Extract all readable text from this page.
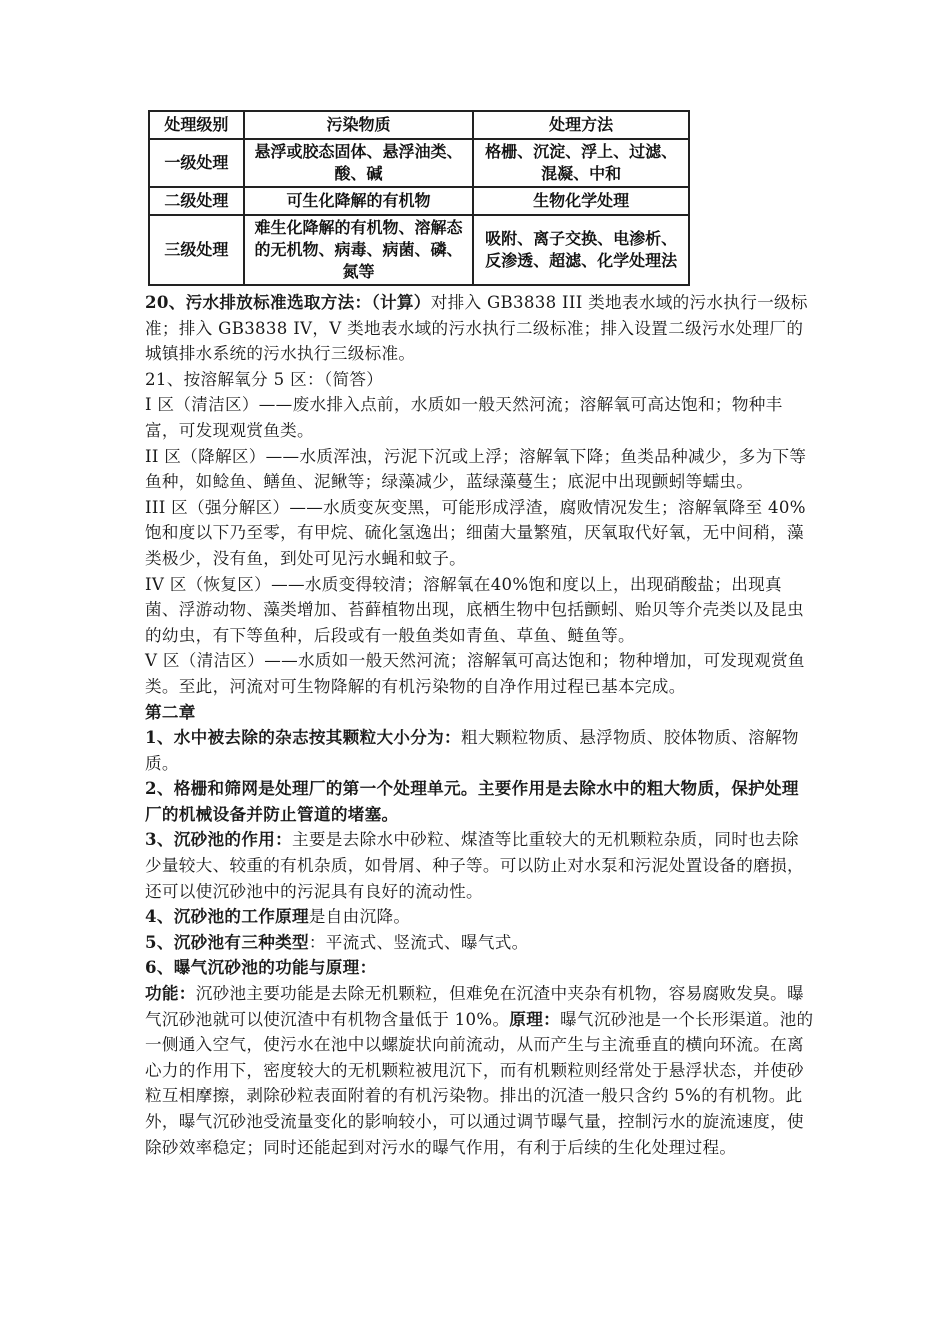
处理级别	污染物质	处理方法
一级处理	悬浮或胶态固体、悬浮油类、酸、碱	格栅、沉淀、浮上、过滤、混凝、中和
二级处理	可生化降解的有机物	生物化学处理
三级处理	难生化降解的有机物、溶解态的无机物、病毒、病菌、磷、氮等	吸附、离子交换、电渗析、反渗透、超滤、化学处理法

20、污水排放标准选取方法：（计算）对排入 GB3838 III 类地表水域的污水执行一级标准；排入 GB3838 IV，V 类地表水域的污水执行二级标准；排入设置二级污水处理厂的城镇排水系统的污水执行三级标准。

21、按溶解氧分 5 区：（简答）

I 区（清洁区）——废水排入点前，水质如一般天然河流；溶解氧可高达饱和；物种丰富，可发现观赏鱼类。

II 区（降解区）——水质浑浊，污泥下沉或上浮；溶解氧下降；鱼类品种减少，多为下等鱼种，如鲶鱼、鳝鱼、泥鳅等；绿藻减少，蓝绿藻蔓生；底泥中出现颤蚓等蠕虫。

III 区（强分解区）——水质变灰变黑，可能形成浮渣，腐败情况发生；溶解氧降至 40%饱和度以下乃至零，有甲烷、硫化氢逸出；细菌大量繁殖，厌氧取代好氧，无中间稍，藻类极少，没有鱼，到处可见污水蝇和蚊子。

IV 区（恢复区）——水质变得较清；溶解氧在40%饱和度以上，出现硝酸盐；出现真菌、浮游动物、藻类增加、苔藓植物出现，底栖生物中包括颤蚓、贻贝等介壳类以及昆虫的幼虫，有下等鱼种，后段或有一般鱼类如青鱼、草鱼、鲢鱼等。

V 区（清洁区）——水质如一般天然河流；溶解氧可高达饱和；物种增加，可发现观赏鱼类。至此，河流对可生物降解的有机污染物的自净作用过程已基本完成。

第二章

1、水中被去除的杂志按其颗粒大小分为：粗大颗粒物质、悬浮物质、胶体物质、溶解物质。

2、格栅和筛网是处理厂的第一个处理单元。主要作用是去除水中的粗大物质，保护处理厂的机械设备并防止管道的堵塞。

3、沉砂池的作用：主要是去除水中砂粒、煤渣等比重较大的无机颗粒杂质，同时也去除少量较大、较重的有机杂质，如骨屑、种子等。可以防止对水泵和污泥处置设备的磨损，还可以使沉砂池中的污泥具有良好的流动性。

4、沉砂池的工作原理是自由沉降。

5、沉砂池有三种类型：平流式、竖流式、曝气式。

6、曝气沉砂池的功能与原理：

功能：沉砂池主要功能是去除无机颗粒，但难免在沉渣中夹杂有机物，容易腐败发臭。曝气沉砂池就可以使沉渣中有机物含量低于 10%。原理：曝气沉砂池是一个长形渠道。池的一侧通入空气，使污水在池中以螺旋状向前流动，从而产生与主流垂直的横向环流。在离心力的作用下，密度较大的无机颗粒被甩沉下，而有机颗粒则经常处于悬浮状态，并使砂粒互相摩擦，剥除砂粒表面附着的有机污染物。排出的沉渣一般只含约 5%的有机物。此外，曝气沉砂池受流量变化的影响较小，可以通过调节曝气量，控制污水的旋流速度，使除砂效率稳定；同时还能起到对污水的曝气作用，有利于后续的生化处理过程。
